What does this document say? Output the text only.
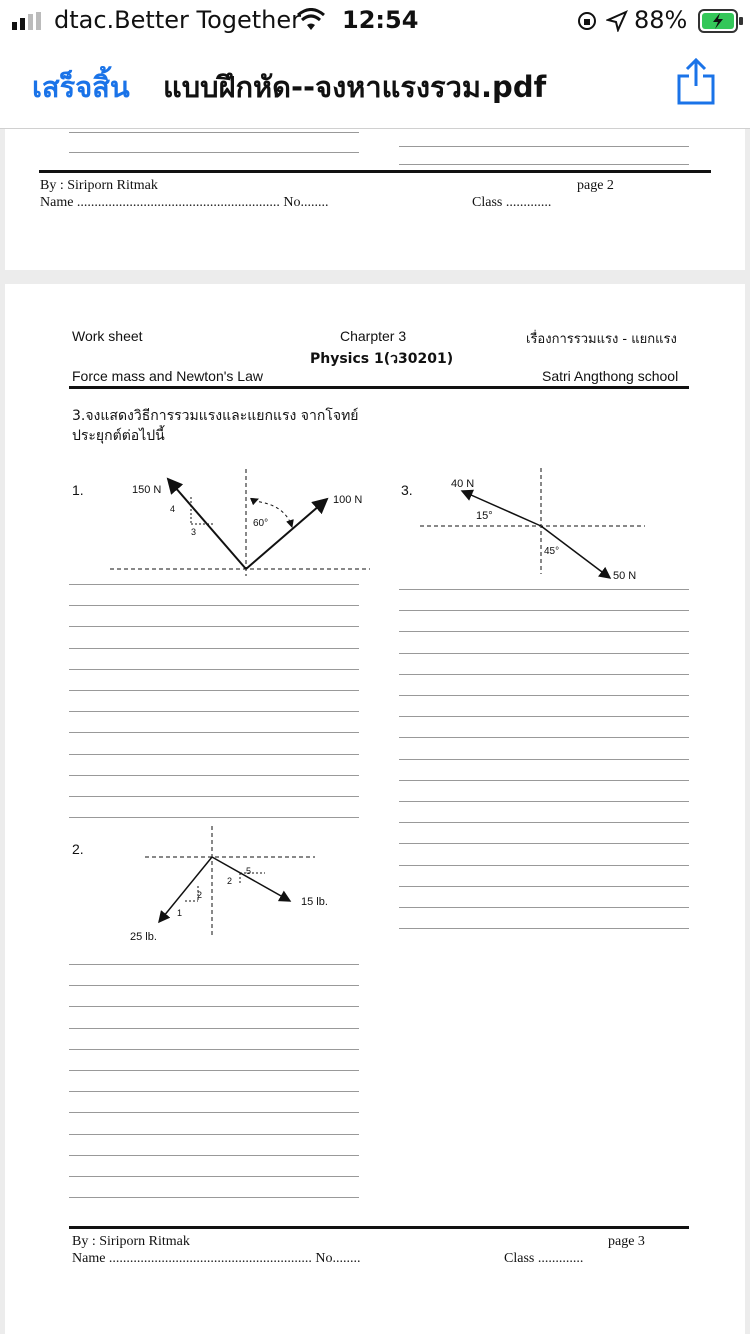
dtac.Better Together 12:54	88%
เสร็จสิ้น แบบฝึกหัด--จงหาแรงรวม.pdf
By : Siriporn Ritmak	page 2
Name .......................................................... No........	Class .............
Work sheet	Charpter 3	เรื่องการรวมแรง - แยกแรง
Physics 1(ว30201)
Force mass and Newton's Law	Satri Angthong school
3.จงแสดงวิธีการรวมแรงและแยกแรง จากโจทย์
ประยุกต์ต่อไปนี้
1.	150 N
100 N
60°
4
3
3.	40 N
15°
45°
50 N
2.
2
1
2
5
15 lb.
25 lb.
By : Siriporn Ritmak	page 3
Name .......................................................... No........	Class .............
